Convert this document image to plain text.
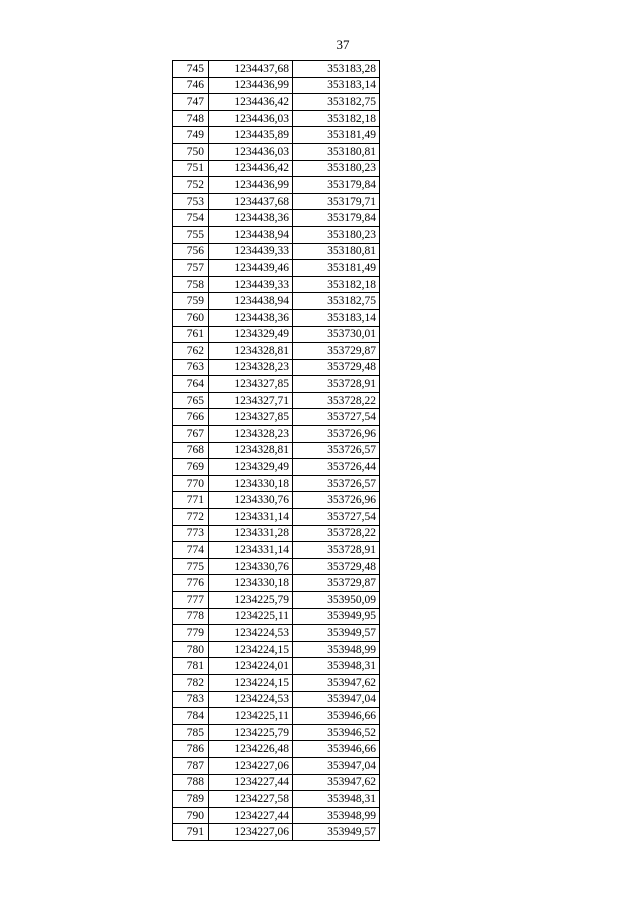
37
745	1234437,68	353183,28
746	1234436,99	353183,14
747	1234436,42	353182,75
748	1234436,03	353182,18
749	1234435,89	353181,49
750	1234436,03	353180,81
751	1234436,42	353180,23
752	1234436,99	353179,84
753	1234437,68	353179,71
754	1234438,36	353179,84
755	1234438,94	353180,23
756	1234439,33	353180,81
757	1234439,46	353181,49
758	1234439,33	353182,18
759	1234438,94	353182,75
760	1234438,36	353183,14
761	1234329,49	353730,01
762	1234328,81	353729,87
763	1234328,23	353729,48
764	1234327,85	353728,91
765	1234327,71	353728,22
766	1234327,85	353727,54
767	1234328,23	353726,96
768	1234328,81	353726,57
769	1234329,49	353726,44
770	1234330,18	353726,57
771	1234330,76	353726,96
772	1234331,14	353727,54
773	1234331,28	353728,22
774	1234331,14	353728,91
775	1234330,76	353729,48
776	1234330,18	353729,87
777	1234225,79	353950,09
778	1234225,11	353949,95
779	1234224,53	353949,57
780	1234224,15	353948,99
781	1234224,01	353948,31
782	1234224,15	353947,62
783	1234224,53	353947,04
784	1234225,11	353946,66
785	1234225,79	353946,52
786	1234226,48	353946,66
787	1234227,06	353947,04
788	1234227,44	353947,62
789	1234227,58	353948,31
790	1234227,44	353948,99
791	1234227,06	353949,57
